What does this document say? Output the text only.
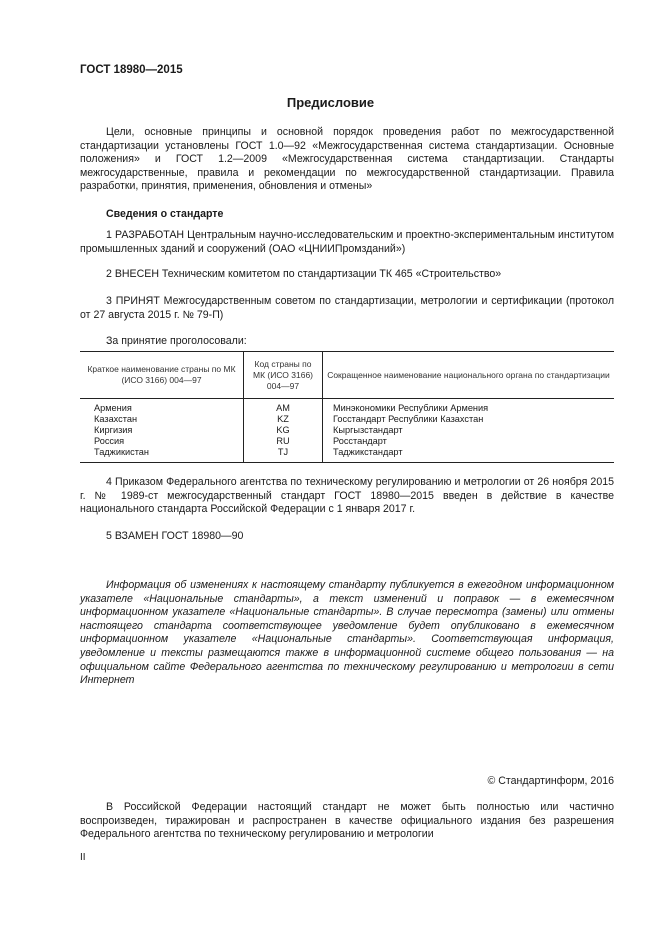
ГОСТ 18980—2015
Предисловие
Цели, основные принципы и основной порядок проведения работ по межгосударственной стандартизации установлены ГОСТ 1.0—92 «Межгосударственная система стандартизации. Основные положения» и ГОСТ 1.2—2009 «Межгосударственная система стандартизации. Стандарты межгосударственные, правила и рекомендации по межгосударственной стандартизации. Правила разработки, принятия, применения, обновления и отмены»
Сведения о стандарте
1 РАЗРАБОТАН Центральным научно-исследовательским и проектно-экспериментальным институтом промышленных зданий и сооружений (ОАО «ЦНИИПромзданий»)
2 ВНЕСЕН Техническим комитетом по стандартизации ТК 465 «Строительство»
3 ПРИНЯТ Межгосударственным советом по стандартизации, метрологии и сертификации (протокол от 27 августа 2015 г. № 79-П)
За принятие проголосовали:
Краткое наименование страны по МК (ИСО 3166) 004—97	Код страны по МК (ИСО 3166) 004—97	Сокращенное наименование национального органа по стандартизации
Армения	AM	Минэкономики Республики Армения
Казахстан	KZ	Госстандарт Республики Казахстан
Киргизия	KG	Кыргызстандарт
Россия	RU	Росстандарт
Таджикистан	TJ	Таджикстандарт
4 Приказом Федерального агентства по техническому регулированию и метрологии от 26 ноября 2015 г. № 1989-ст межгосударственный стандарт ГОСТ 18980—2015 введен в действие в качестве национального стандарта Российской Федерации с 1 января 2017 г.
5 ВЗАМЕН ГОСТ 18980—90
Информация об изменениях к настоящему стандарту публикуется в ежегодном информационном указателе «Национальные стандарты», а текст изменений и поправок — в ежемесячном информационном указателе «Национальные стандарты». В случае пересмотра (замены) или отмены настоящего стандарта соответствующее уведомление будет опубликовано в ежемесячном информационном указателе «Национальные стандарты». Соответствующая информация, уведомление и тексты размещаются также в информационной системе общего пользования — на официальном сайте Федерального агентства по техническому регулированию и метрологии в сети Интернет
© Стандартинформ, 2016
В Российской Федерации настоящий стандарт не может быть полностью или частично воспроизведен, тиражирован и распространен в качестве официального издания без разрешения Федерального агентства по техническому регулированию и метрологии
II
